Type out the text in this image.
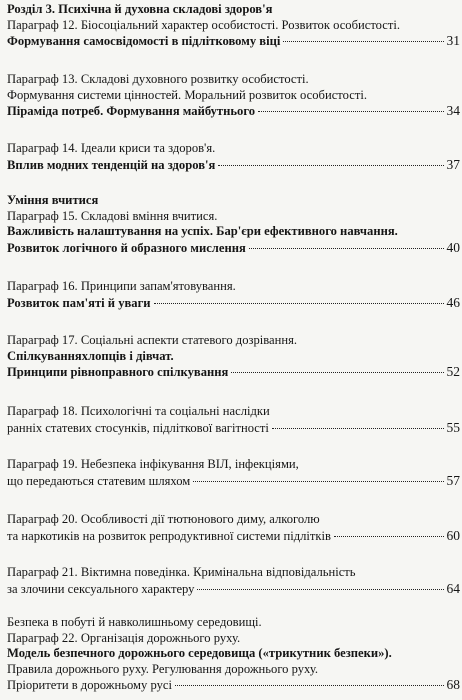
Розділ 3. Психічна й духовна складові здоров'я
Параграф 12. Біосоціальний характер особистості. Розвиток особистості.
Формування самосвідомості в підлітковому віці	31
Параграф 13. Складові духовного розвитку особистості.
Формування системи цінностей. Моральний розвиток особистості.
Піраміда потреб. Формування майбутнього	34
Параграф 14. Ідеали криси та здоров'я.
Вплив модних тенденцій на здоров'я	37
Уміння вчитися
Параграф 15. Складові вміння вчитися.
Важливість налаштування на успіх. Бар'єри ефективного навчання.
Розвиток логічного й образного мислення	40
Параграф 16. Принципи запам'ятовування.
Розвиток пам'яті й уваги	46
Параграф 17. Соціальні аспекти статевого дозрівання.
Спілкуванняхлопців і дівчат.
Принципи рівноправного спілкування	52
Параграф 18. Психологічні та соціальні наслідки
ранніх статевих стосунків, підліткової вагітності	55
Параграф 19. Небезпека інфікування ВІЛ, інфекціями,
що передаються статевим шляхом	57
Параграф 20. Особливості дії тютюнового диму, алкоголю
та наркотиків на розвиток репродуктивної системи підлітків	60
Параграф 21. Віктимна поведінка. Кримінальна відповідальність
за злочини сексуального характеру	64
Безпека в побуті й навколишньому середовищі.
Параграф 22. Організація дорожнього руху.
Модель безпечного дорожнього середовища («трикутник безпеки»).
Правила дорожнього руху. Регулювання дорожнього руху.
Пріоритети в дорожньому русі	68
